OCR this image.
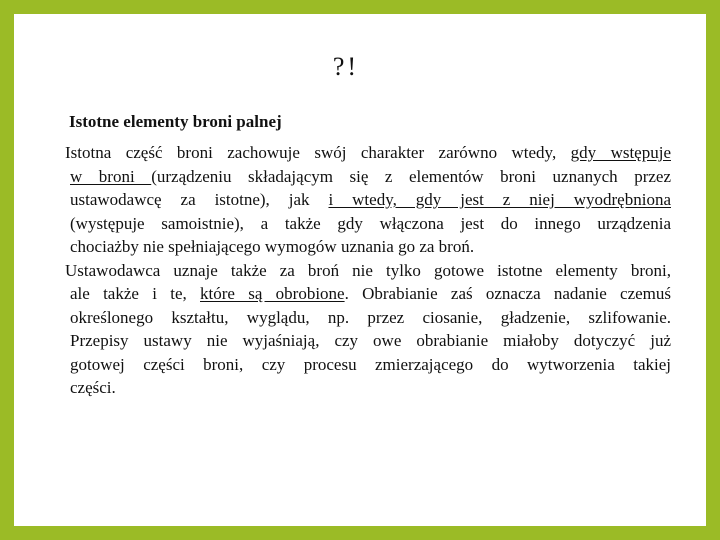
?!
Istotne elementy broni palnej
Istotna część broni zachowuje swój charakter zarówno wtedy, gdy wstępuje
w broni (urządzeniu składającym się z elementów broni uznanych przez
ustawodawcę za istotne), jak i wtedy, gdy jest z niej wyodrębniona
(występuje samoistnie), a także gdy włączona jest do innego urządzenia
chociażby nie spełniającego wymogów uznania go za broń.
Ustawodawca uznaje także za broń nie tylko gotowe istotne elementy broni,
ale także i te, które są obrobione. Obrabianie zaś oznacza nadanie czemuś
określonego kształtu, wyglądu, np. przez ciosanie, gładzenie, szlifowanie.
Przepisy ustawy nie wyjaśniają, czy owe obrabianie miałoby dotyczyć już
gotowej części broni, czy procesu zmierzającego do wytworzenia takiej
części.
